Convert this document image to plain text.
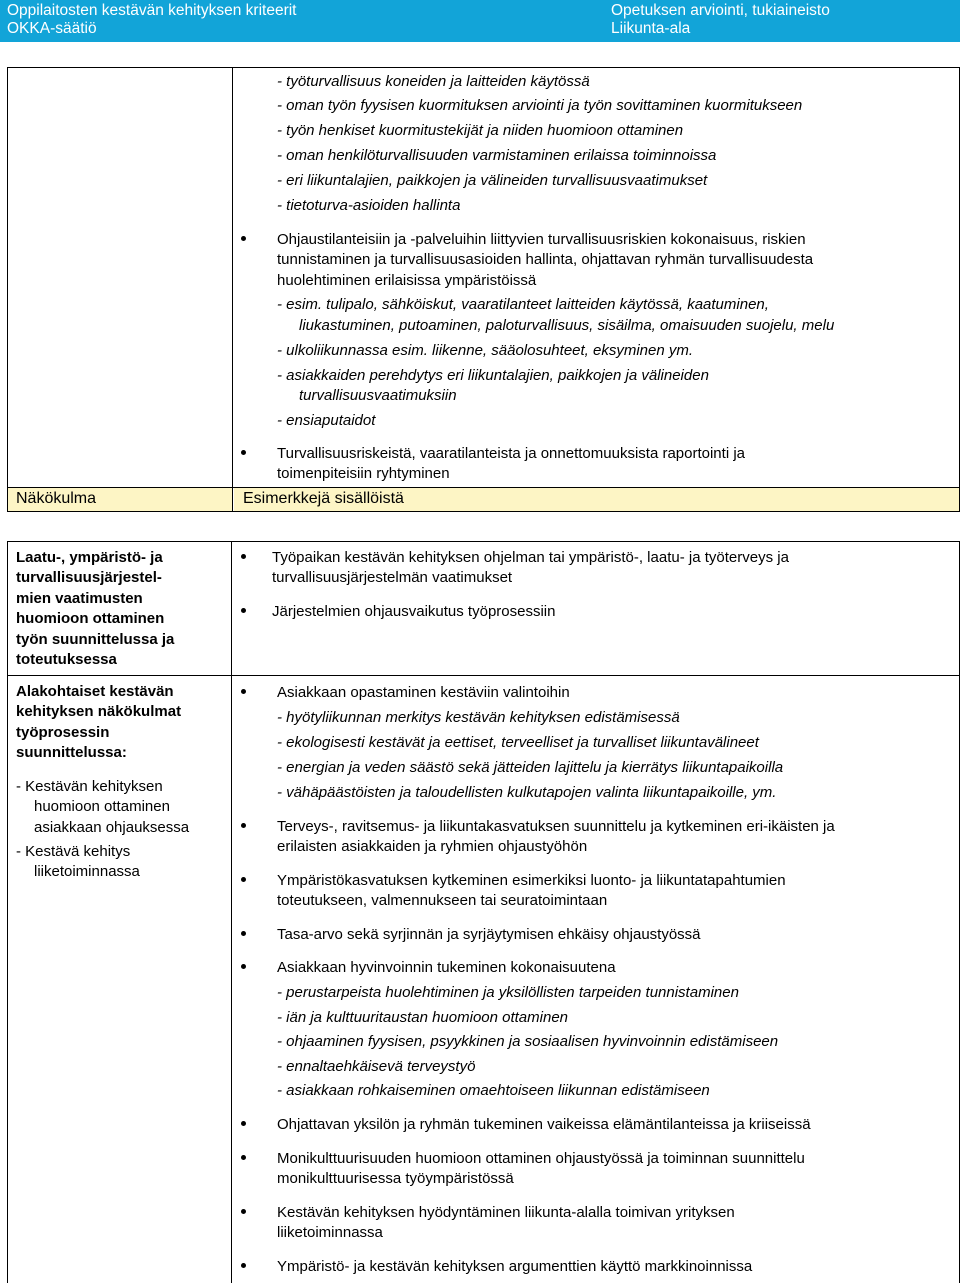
Oppilaitosten kestävän kehityksen kriteerit
OKKA-säätiö
Opetuksen arviointi, tukiaineisto
Liikunta-ala
Näkökulma	Esimerkkejä sisällöistä
- työturvallisuus koneiden ja laitteiden käytössä
- oman työn fyysisen kuormituksen arviointi ja työn sovittaminen kuormitukseen
- työn henkiset kuormitustekijät ja niiden huomioon ottaminen
- oman henkilöturvallisuuden varmistaminen erilaissa toiminnoissa
- eri liikuntalajien, paikkojen ja välineiden turvallisuusvaatimukset
- tietoturva-asioiden hallinta
Ohjaustilanteisiin ja -palveluihin liittyvien turvallisuusriskien kokonaisuus, riskien
tunnistaminen ja turvallisuusasioiden hallinta, ohjattavan ryhmän turvallisuudesta
huolehtiminen erilaisissa ympäristöissä
- esim. tulipalo, sähköiskut, vaaratilanteet laitteiden käytössä, kaatuminen,
liukastuminen, putoaminen, paloturvallisuus, sisäilma, omaisuuden suojelu, melu
- ulkoliikunnassa esim. liikenne, sääolosuhteet, eksyminen ym.
- asiakkaiden perehdytys eri liikuntalajien, paikkojen ja välineiden
turvallisuusvaatimuksiin
- ensiaputaidot
Turvallisuusriskeistä, vaaratilanteista ja onnettomuuksista raportointi ja
toimenpiteisiin ryhtyminen
Laatu-, ympäristö- ja
turvallisuusjärjestel-
mien vaatimusten
huomioon ottaminen
työn suunnittelussa ja
toteutuksessa
Työpaikan kestävän kehityksen ohjelman tai ympäristö-, laatu- ja työterveys ja
turvallisuusjärjestelmän vaatimukset
Järjestelmien ohjausvaikutus työprosessiin
Alakohtaiset kestävän
kehityksen näkökulmat
työprosessin
suunnittelussa:
- Kestävän kehityksen
huomioon ottaminen
asiakkaan ohjauksessa
- Kestävä kehitys
liiketoiminnassa
Asiakkaan opastaminen kestäviin valintoihin
- hyötyliikunnan merkitys kestävän kehityksen edistämisessä
- ekologisesti kestävät ja eettiset, terveelliset ja turvalliset liikuntavälineet
- energian ja veden säästö sekä jätteiden lajittelu ja kierrätys liikuntapaikoilla
- vähäpäästöisten ja taloudellisten kulkutapojen valinta liikuntapaikoille, ym.
Terveys-, ravitsemus- ja liikuntakasvatuksen suunnittelu ja kytkeminen eri-ikäisten ja
erilaisten asiakkaiden ja ryhmien ohjaustyöhön
Ympäristökasvatuksen kytkeminen esimerkiksi luonto- ja liikuntatapahtumien
toteutukseen, valmennukseen tai seuratoimintaan
Tasa-arvo sekä syrjinnän ja syrjäytymisen ehkäisy ohjaustyössä
Asiakkaan hyvinvoinnin tukeminen kokonaisuutena
- perustarpeista huolehtiminen ja yksilöllisten tarpeiden tunnistaminen
- iän ja kulttuuritaustan huomioon ottaminen
- ohjaaminen fyysisen, psyykkinen ja sosiaalisen hyvinvoinnin edistämiseen
- ennaltaehkäisevä terveystyö
- asiakkaan rohkaiseminen omaehtoiseen liikunnan edistämiseen
Ohjattavan yksilön ja ryhmän tukeminen vaikeissa elämäntilanteissa ja kriiseissä
Monikulttuurisuuden huomioon ottaminen ohjaustyössä ja toiminnan suunnittelu
monikulttuurisessa työympäristössä
Kestävän kehityksen hyödyntäminen liikunta-alalla toimivan yrityksen
liiketoiminnassa
Ympäristö- ja kestävän kehityksen argumenttien käyttö markkinoinnissa
